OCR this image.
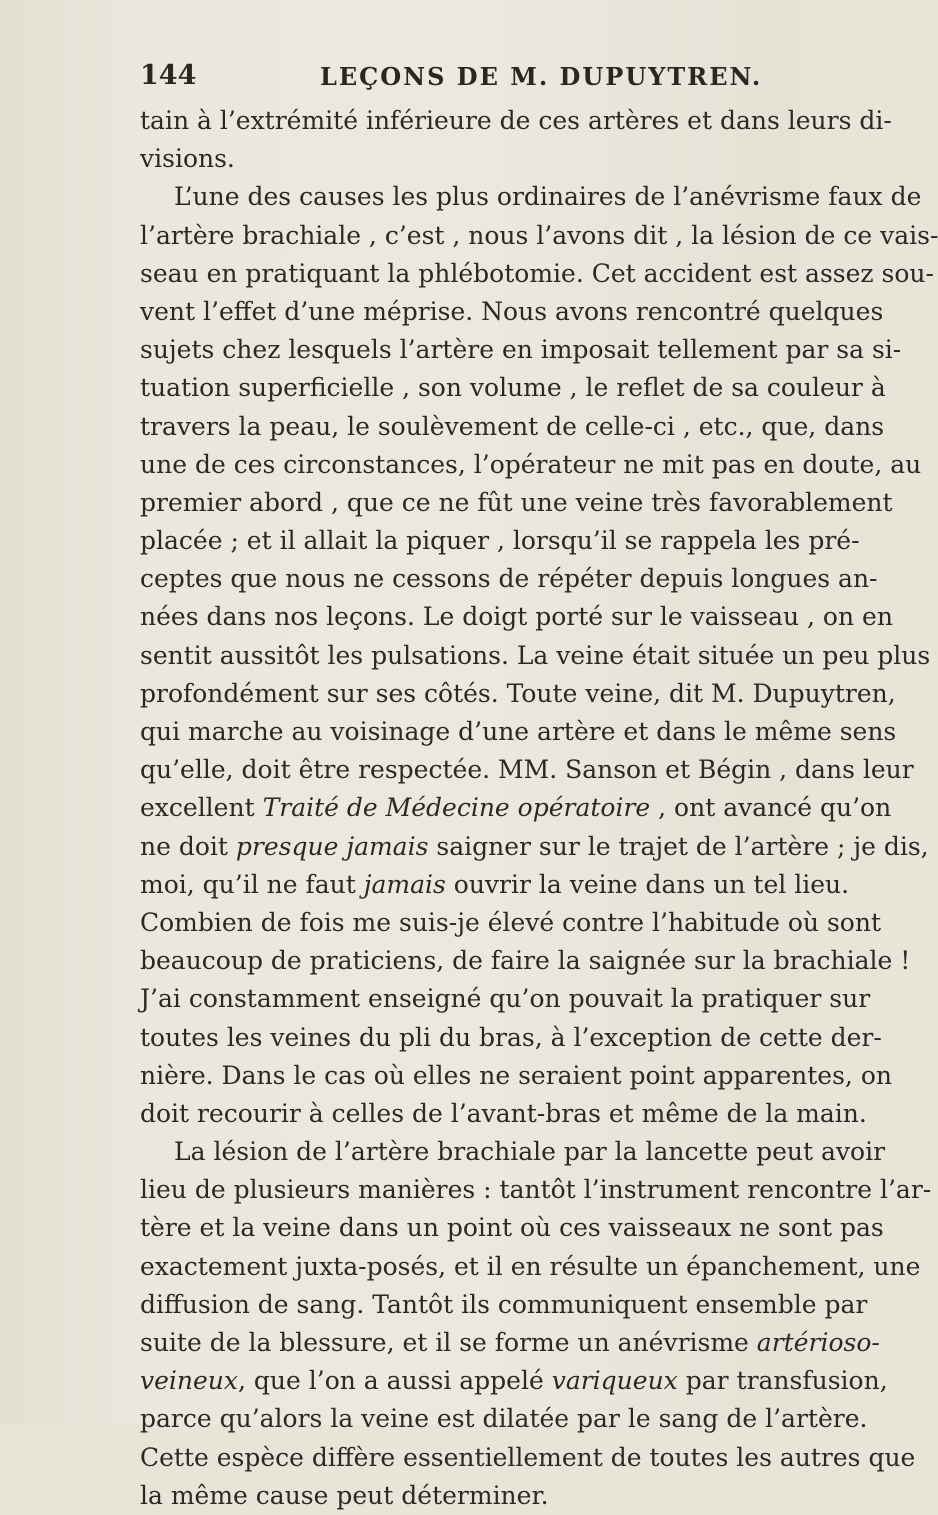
144	LEÇONS DE M. DUPUYTREN.
tain à l’extrémité inférieure de ces artères et dans leurs di-
visions.
L’une des causes les plus ordinaires de l’anévrisme faux de
l’artère brachiale , c’est , nous l’avons dit , la lésion de ce vais-
seau en pratiquant la phlébotomie. Cet accident est assez sou-
vent l’effet d’une méprise. Nous avons rencontré quelques
sujets chez lesquels l’artère en imposait tellement par sa si-
tuation superficielle , son volume , le reflet de sa couleur à
travers la peau, le soulèvement de celle-ci , etc., que, dans
une de ces circonstances, l’opérateur ne mit pas en doute, au
premier abord , que ce ne fût une veine très favorablement
placée ; et il allait la piquer , lorsqu’il se rappela les pré-
ceptes que nous ne cessons de répéter depuis longues an-
nées dans nos leçons. Le doigt porté sur le vaisseau , on en
sentit aussitôt les pulsations. La veine était située un peu plus
profondément sur ses côtés. Toute veine, dit M. Dupuytren,
qui marche au voisinage d’une artère et dans le même sens
qu’elle, doit être respectée. MM. Sanson et Bégin , dans leur
excellent Traité de Médecine opératoire , ont avancé qu’on
ne doit presque jamais saigner sur le trajet de l’artère ; je dis,
moi, qu’il ne faut jamais ouvrir la veine dans un tel lieu.
Combien de fois me suis-je élevé contre l’habitude où sont
beaucoup de praticiens, de faire la saignée sur la brachiale !
J’ai constamment enseigné qu’on pouvait la pratiquer sur
toutes les veines du pli du bras, à l’exception de cette der-
nière. Dans le cas où elles ne seraient point apparentes, on
doit recourir à celles de l’avant-bras et même de la main.
La lésion de l’artère brachiale par la lancette peut avoir
lieu de plusieurs manières : tantôt l’instrument rencontre l’ar-
tère et la veine dans un point où ces vaisseaux ne sont pas
exactement juxta-posés, et il en résulte un épanchement, une
diffusion de sang. Tantôt ils communiquent ensemble par
suite de la blessure, et il se forme un anévrisme artérioso-
veineux, que l’on a aussi appelé variqueux par transfusion,
parce qu’alors la veine est dilatée par le sang de l’artère.
Cette espèce diffère essentiellement de toutes les autres que
la même cause peut déterminer.
